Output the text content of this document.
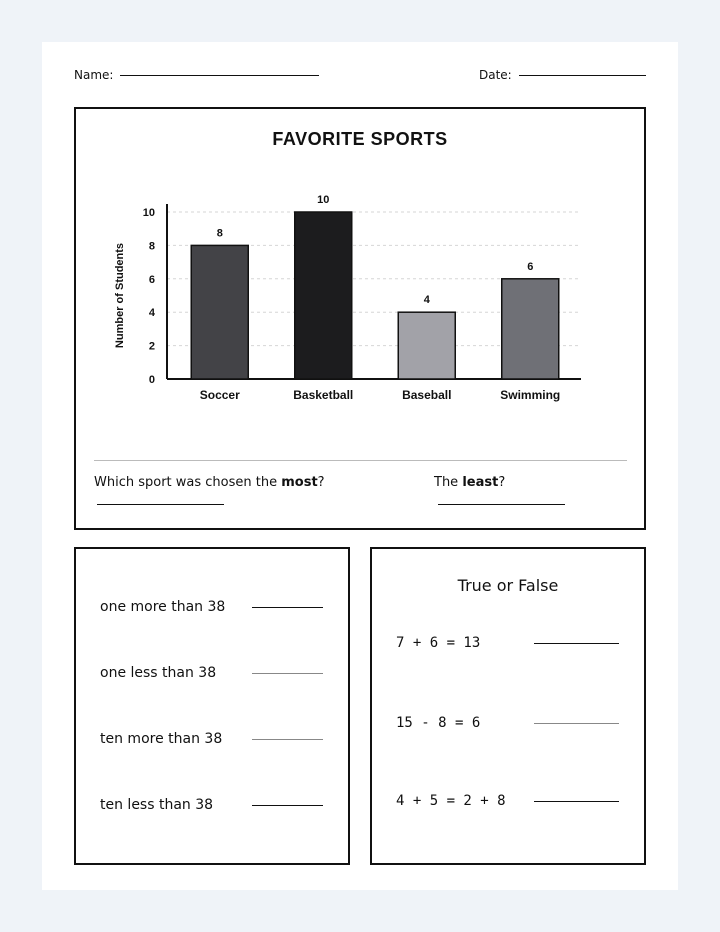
Name:	Date:
FAVORITE SPORTS
0
2
4
6
8
10
Number of Students
8
Soccer
10
Basketball
4
Baseball
6
Swimming
Which sport was chosen the most?	The least?
one more than 38
one less than 38
ten more than 38
ten less than 38
True or False
7 + 6 = 13
15 - 8 = 6
4 + 5 = 2 + 8
